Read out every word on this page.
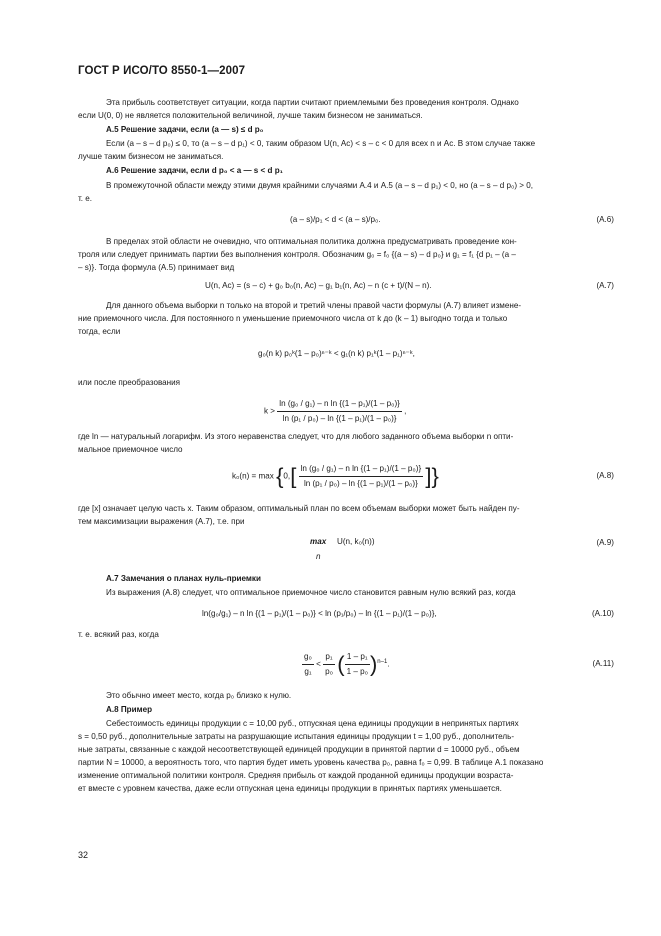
ГОСТ Р ИСО/ТО 8550-1—2007
Эта прибыль соответствует ситуации, когда партии считают приемлемыми без проведения контроля. Однако
если U(0, 0) не является положительной величиной, лучше таким бизнесом не заниматься.
А.5 Решение задачи, если (a — s) ≤ d p₀
Если (a – s – d p₀) ≤ 0, то (a – s – d p₁) < 0, таким образом U(n, Ac) < s – c < 0 для всех n и Ac. В этом случае также
лучше таким бизнесом не заниматься.
А.6 Решение задачи, если d p₀ < a — s < d p₁
В промежуточной области между этими двумя крайними случаями А.4 и А.5 (a – s – d p₁) < 0, но (a – s – d p₀) > 0,
т. е.
(a – s)/p₁ < d < (a – s)/p₀.	(A.6)
В пределах этой области не очевидно, что оптимальная политика должна предусматривать проведение кон-
троля или следует принимать партии без выполнения контроля. Обозначим g₀ = f₀ {(a – s) – d p₀} и g₁ = f₁ {d p₁ – (a –
– s)}. Тогда формула (А.5) принимает вид
U(n, Ac) = (s – c) + g₀ b₀(n, Ac) – g₁ b₁(n, Ac) – n (c + t)/(N – n).	(A.7)
Для данного объема выборки n только на второй и третий члены правой части формулы (А.7) влияет измене-
ние приемочного числа. Для постоянного n уменьшение приемочного числа от k до (k – 1) выгодно тогда и только
тогда, если
g₀(n k) p₀ᵏ(1 – p₀)ⁿ⁻ᵏ < g₁(n k) p₁ᵏ(1 – p₁)ⁿ⁻ᵏ,
или после преобразования
$k > \frac{\text{ln (g₀ / g₁) – n ln \{(1 – p₁)/(1 – p₀)\}}}{\text{ln (p₁ / p₀) – ln \{(1 – p₁)/(1 – p₀)\}}}$ ,
где ln — натуральный логарифм. Из этого неравенства следует, что для любого заданного объема выборки n опти-
мальное приемочное число
$k_0(n) = \max \{0,[ \frac{\text{ln (g₀ / g₁) – n ln \{(1 – p₁)/(1 – p₀)\}}}{\text{ln (p₁ / p₀) – ln \{(1 – p₁)/(1 – p₀)\}}}$ ]}	(A.8)
где [x] означает целую часть x. Таким образом, оптимальный план по всем объемам выборки может быть найден пу-
тем максимизации выражения (А.7), т.е. при
max U(n, k₀(n))
n
(A.9)
А.7 Замечания о планах нуль-приемки
Из выражения (А.8) следует, что оптимальное приемочное число становится равным нулю всякий раз, когда
ln(g₀/g₁) – n ln {(1 – p₁)/(1 – p₀)} < ln (p₁/p₀) – ln {(1 – p₁)/(1 – p₀)},	(A.10)
т. е. всякий раз, когда
$\frac{\text{g₀}}{\text{g₁}} < \frac{\text{p₁}}{\text{p₀}}$ ( $\frac{\text{1 – p₁}}{\text{1 – p₀}} )^{n-1}$.	(A.11)
Это обычно имеет место, когда p₀ близко к нулю.
А.8 Пример
Себестоимость единицы продукции c = 10,00 руб., отпускная цена единицы продукции в непринятых партиях
s = 0,50 руб., дополнительные затраты на разрушающие испытания единицы продукции t = 1,00 руб., дополнитель-
ные затраты, связанные с каждой несоответствующей единицей продукции в принятой партии d = 10000 руб., объем
партии N = 10000, а вероятность того, что партия будет иметь уровень качества p₀, равна f₀ = 0,99. В таблице А.1 показано
изменение оптимальной политики контроля. Средняя прибыль от каждой проданной единицы продукции возраста-
ет вместе с уровнем качества, даже если отпускная цена единицы продукции в принятых партиях уменьшается.
32
